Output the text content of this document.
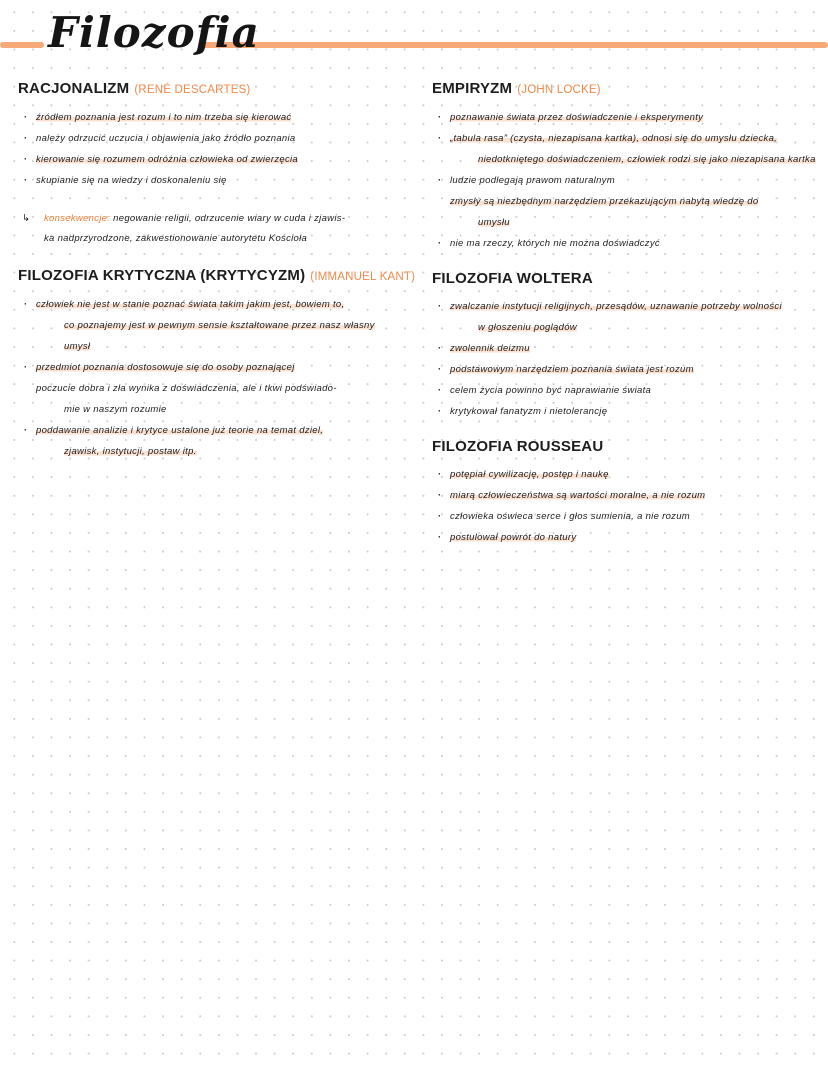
Filozofia
RACJONALIZM (RENÉ DESCARTES)
· źródłem poznania jest rozum i to nim trzeba się kierować
· należy odrzucić uczucia i objawienia jako źródło poznania
· kierowanie się rozumem odróżnia człowieka od zwierzęcia
· skupianie się na wiedzy i doskonaleniu się
↳ konsekwencje: negowanie religii, odrzucenie wiary w cuda i zjawis-
ka nadprzyrodzone, zakwestionowanie autorytetu Kościoła
FILOZOFIA KRYTYCZNA (KRYTYCYZM) (IMMANUEL KANT)
· człowiek nie jest w stanie poznać świata takim jakim jest, bowiem to,
co poznajemy jest w pewnym sensie kształtowane przez nasz własny
umysł
· przedmiot poznania dostosowuje się do osoby poznającej
poczucie dobra i zła wynika z doświadczenia, ale i tkwi podświado-
mie w naszym rozumie
· poddawanie analizie i krytyce ustalone już teorie na temat dziel,
zjawisk, instytucji, postaw itp.
EMPIRYZM (JOHN LOCKE)
· poznawanie świata przez doświadczenie i eksperymenty
· „tabula rasa” (czysta, niezapisana kartka), odnosi się do umysłu dziecka,
niedotkniętego doświadczeniem, człowiek rodzi się jako niezapisana kartka
· ludzie podlegają prawom naturalnym
zmysły są niezbędnym narzędziem przekazującym nabytą wiedzę do
umysłu
· nie ma rzeczy, których nie można doświadczyć
FILOZOFIA WOLTERA
· zwalczanie instytucji religijnych, przesądów, uznawanie potrzeby wolności
w głoszeniu poglądów
· zwolennik deizmu
· podstawowym narzędziem poznania świata jest rozum
· celem życia powinno być naprawianie świata
· krytykował fanatyzm i nietolerancję
FILOZOFIA ROUSSEAU
· potępiał cywilizację, postęp i naukę
· miarą człowieczeństwa są wartości moralne, a nie rozum
· człowieka oświeca serce i głos sumienia, a nie rozum
· postulował powrót do natury
